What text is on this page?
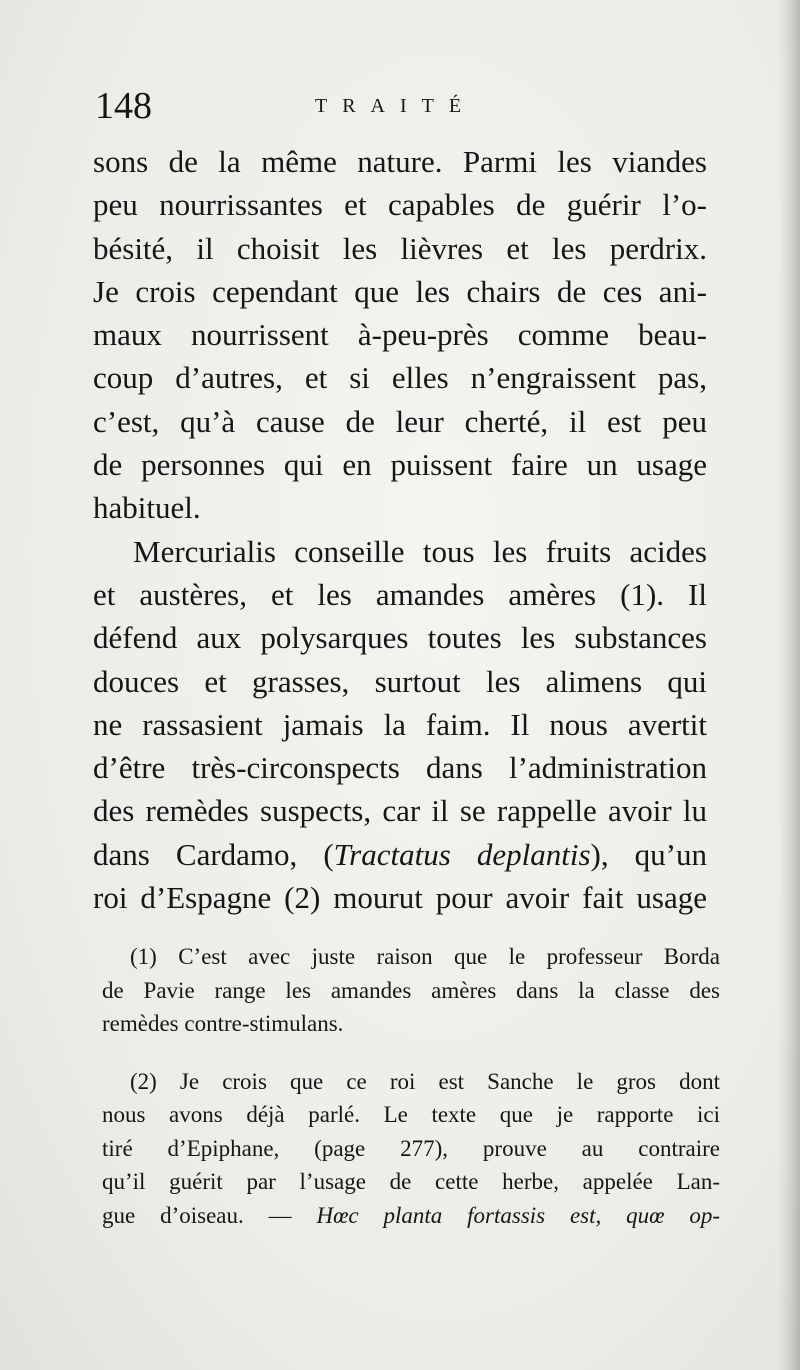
148	TRAITÉ
sons de la même nature. Parmi les viandes
peu nourrissantes et capables de guérir l’o-
bésité, il choisit les lièvres et les perdrix.
Je crois cependant que les chairs de ces ani-
maux nourrissent à-peu-près comme beau-
coup d’autres, et si elles n’engraissent pas,
c’est, qu’à cause de leur cherté, il est peu
de personnes qui en puissent faire un usage
habituel.
Mercurialis conseille tous les fruits acides
et austères, et les amandes amères (1). Il
défend aux polysarques toutes les substances
douces et grasses, surtout les alimens qui
ne rassasient jamais la faim. Il nous avertit
d’être très-circonspects dans l’administration
des remèdes suspects, car il se rappelle avoir lu
dans Cardamo, (Tractatus deplantis), qu’un
roi d’Espagne (2) mourut pour avoir fait usage
(1) C’est avec juste raison que le professeur Borda
de Pavie range les amandes amères dans la classe des
remèdes contre-stimulans.
(2) Je crois que ce roi est Sanche le gros dont
nous avons déjà parlé. Le texte que je rapporte ici
tiré d’Epiphane, (page 277), prouve au contraire
qu’il guérit par l’usage de cette herbe, appelée Lan-
gue d’oiseau. — Hœc planta fortassis est, quœ op-
